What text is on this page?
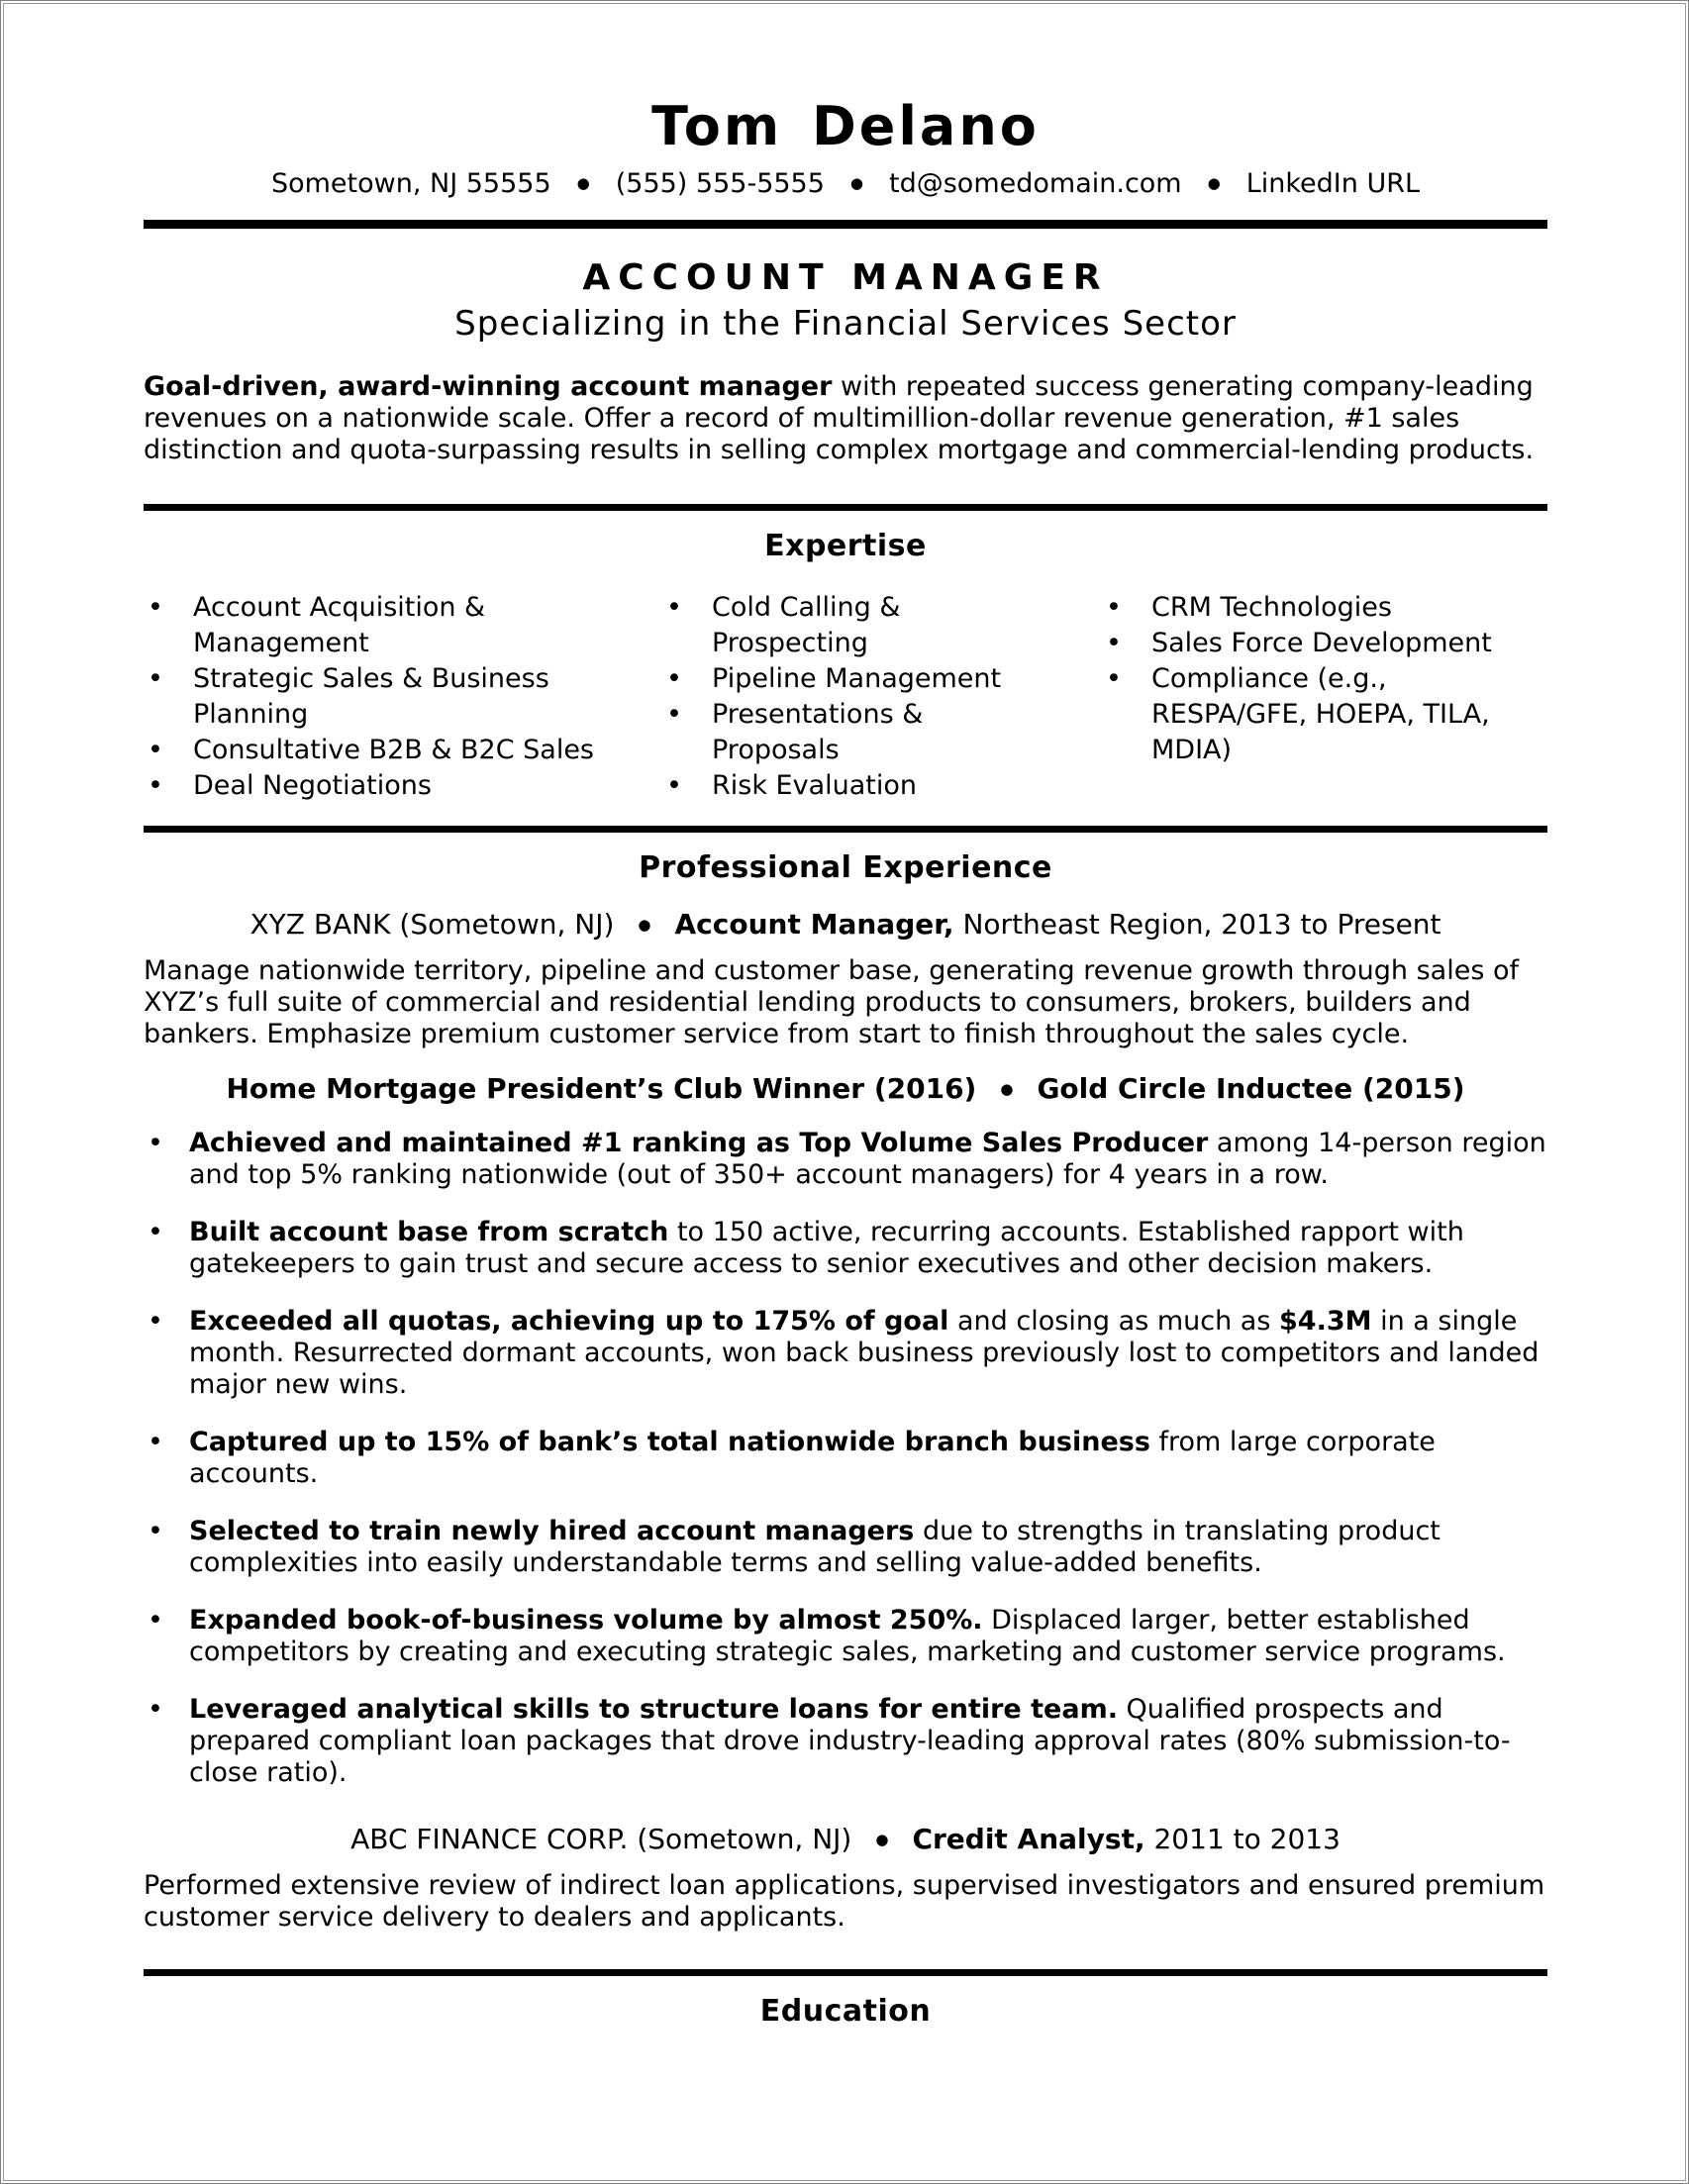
Tom Delano
Sometown, NJ 55555 ● (555) 555-5555 ● td@somedomain.com ● LinkedIn URL
ACCOUNT MANAGER
Specializing in the Financial Services Sector

Goal-driven, award-winning account manager with repeated success generating company-leading revenues on a nationwide scale. Offer a record of multimillion-dollar revenue generation, #1 sales distinction and quota-surpassing results in selling complex mortgage and commercial-lending products.

Expertise
• Account Acquisition & Management
• Strategic Sales & Business Planning
• Consultative B2B & B2C Sales
• Deal Negotiations
• Cold Calling & Prospecting
• Pipeline Management
• Presentations & Proposals
• Risk Evaluation
• CRM Technologies
• Sales Force Development
• Compliance (e.g., RESPA/GFE, HOEPA, TILA, MDIA)
Professional Experience
XYZ BANK (Sometown, NJ) ● Account Manager, Northeast Region, 2013 to Present

Manage nationwide territory, pipeline and customer base, generating revenue growth through sales of XYZ’s full suite of commercial and residential lending products to consumers, brokers, builders and bankers. Emphasize premium customer service from start to finish throughout the sales cycle.

Home Mortgage President’s Club Winner (2016) ● Gold Circle Inductee (2015)
• Achieved and maintained #1 ranking as Top Volume Sales Producer among 14-person region and top 5% ranking nationwide (out of 350+ account managers) for 4 years in a row.
• Built account base from scratch to 150 active, recurring accounts. Established rapport with gatekeepers to gain trust and secure access to senior executives and other decision makers.
• Exceeded all quotas, achieving up to 175% of goal and closing as much as $4.3M in a single month. Resurrected dormant accounts, won back business previously lost to competitors and landed major new wins.
• Captured up to 15% of bank’s total nationwide branch business from large corporate accounts.
• Selected to train newly hired account managers due to strengths in translating product complexities into easily understandable terms and selling value-added benefits.
• Expanded book-of-business volume by almost 250%. Displaced larger, better established competitors by creating and executing strategic sales, marketing and customer service programs.
• Leveraged analytical skills to structure loans for entire team. Qualified prospects and prepared compliant loan packages that drove industry-leading approval rates (80% submission-to-close ratio).
ABC FINANCE CORP. (Sometown, NJ) ● Credit Analyst, 2011 to 2013

Performed extensive review of indirect loan applications, supervised investigators and ensured premium customer service delivery to dealers and applicants.

Education
